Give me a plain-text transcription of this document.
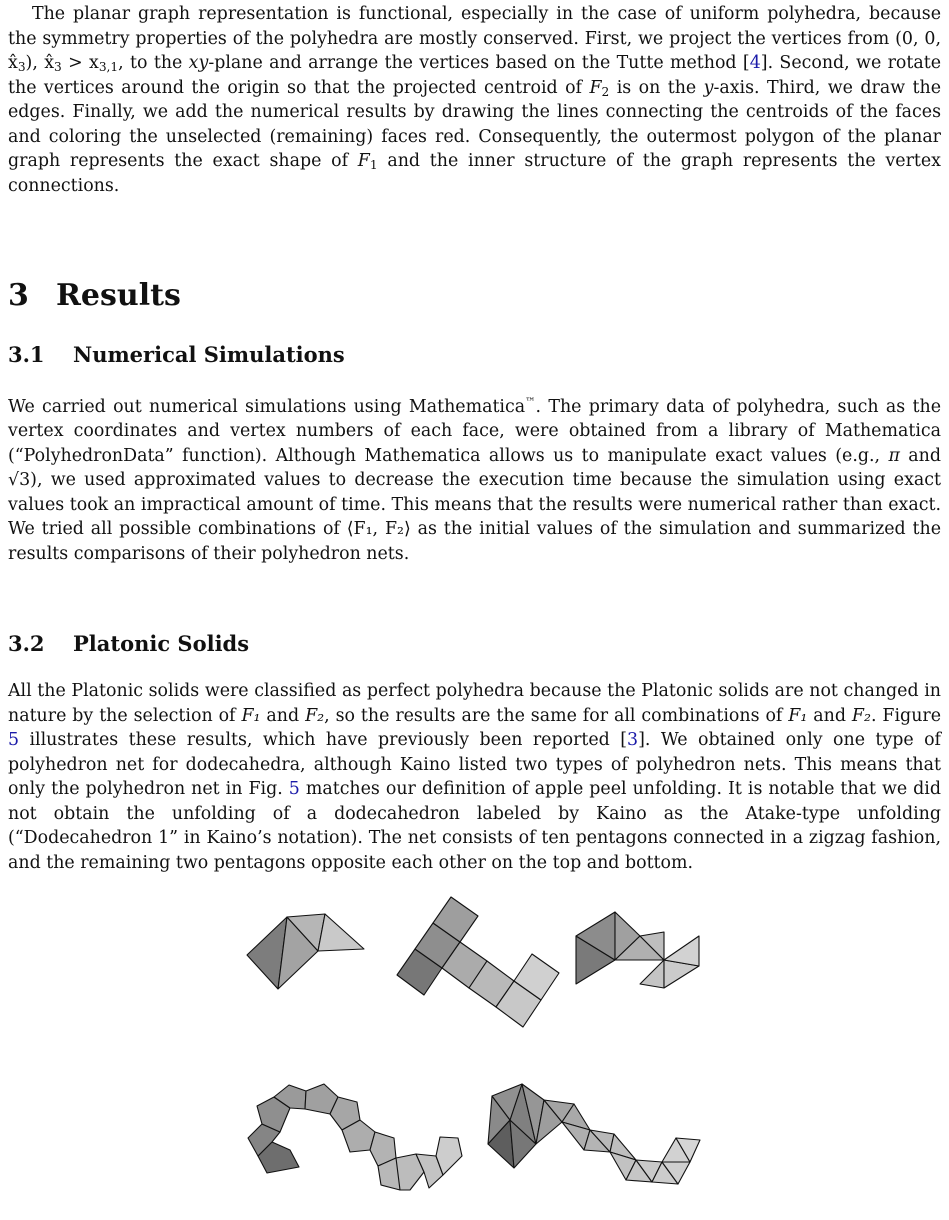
The planar graph representation is functional, especially in the case of uniform polyhedra, because the symmetry properties of the polyhedra are mostly conserved. First, we project the vertices from (0, 0, $x̂_3$), $x̂_3 > x_{3,1}$, to the xy-plane and arrange the vertices based on the Tutte method [4]. Second, we rotate the vertices around the origin so that the projected centroid of $F_2$ is on the y-axis. Third, we draw the edges. Finally, we add the numerical results by drawing the lines connecting the centroids of the faces and coloring the unselected (remaining) faces red. Consequently, the outermost polygon of the planar graph represents the exact shape of $F_1$ and the inner structure of the graph represents the vertex connections.

3 Results
3.1 Numerical Simulations

We carried out numerical simulations using Mathematica™. The primary data of polyhedra, such as the vertex coordinates and vertex numbers of each face, were obtained from a library of Mathematica (“PolyhedronData” function). Although Mathematica allows us to manipulate exact values (e.g., π and √3), we used approximated values to decrease the execution time because the simulation using exact values took an impractical amount of time. This means that the results were numerical rather than exact. We tried all possible combinations of ⟨F₁, F₂⟩ as the initial values of the simulation and summarized the results comparisons of their polyhedron nets.

3.2 Platonic Solids

All the Platonic solids were classified as perfect polyhedra because the Platonic solids are not changed in nature by the selection of F₁ and F₂, so the results are the same for all combinations of F₁ and F₂. Figure 5 illustrates these results, which have previously been reported [3]. We obtained only one type of polyhedron net for dodecahedra, although Kaino listed two types of polyhedron nets. This means that only the polyhedron net in Fig. 5 matches our definition of apple peel unfolding. It is notable that we did not obtain the unfolding of a dodecahedron labeled by Kaino as the Atake-type unfolding (“Dodecahedron 1” in Kaino’s notation). The net consists of ten pentagons connected in a zigzag fashion, and the remaining two pentagons opposite each other on the top and bottom.
